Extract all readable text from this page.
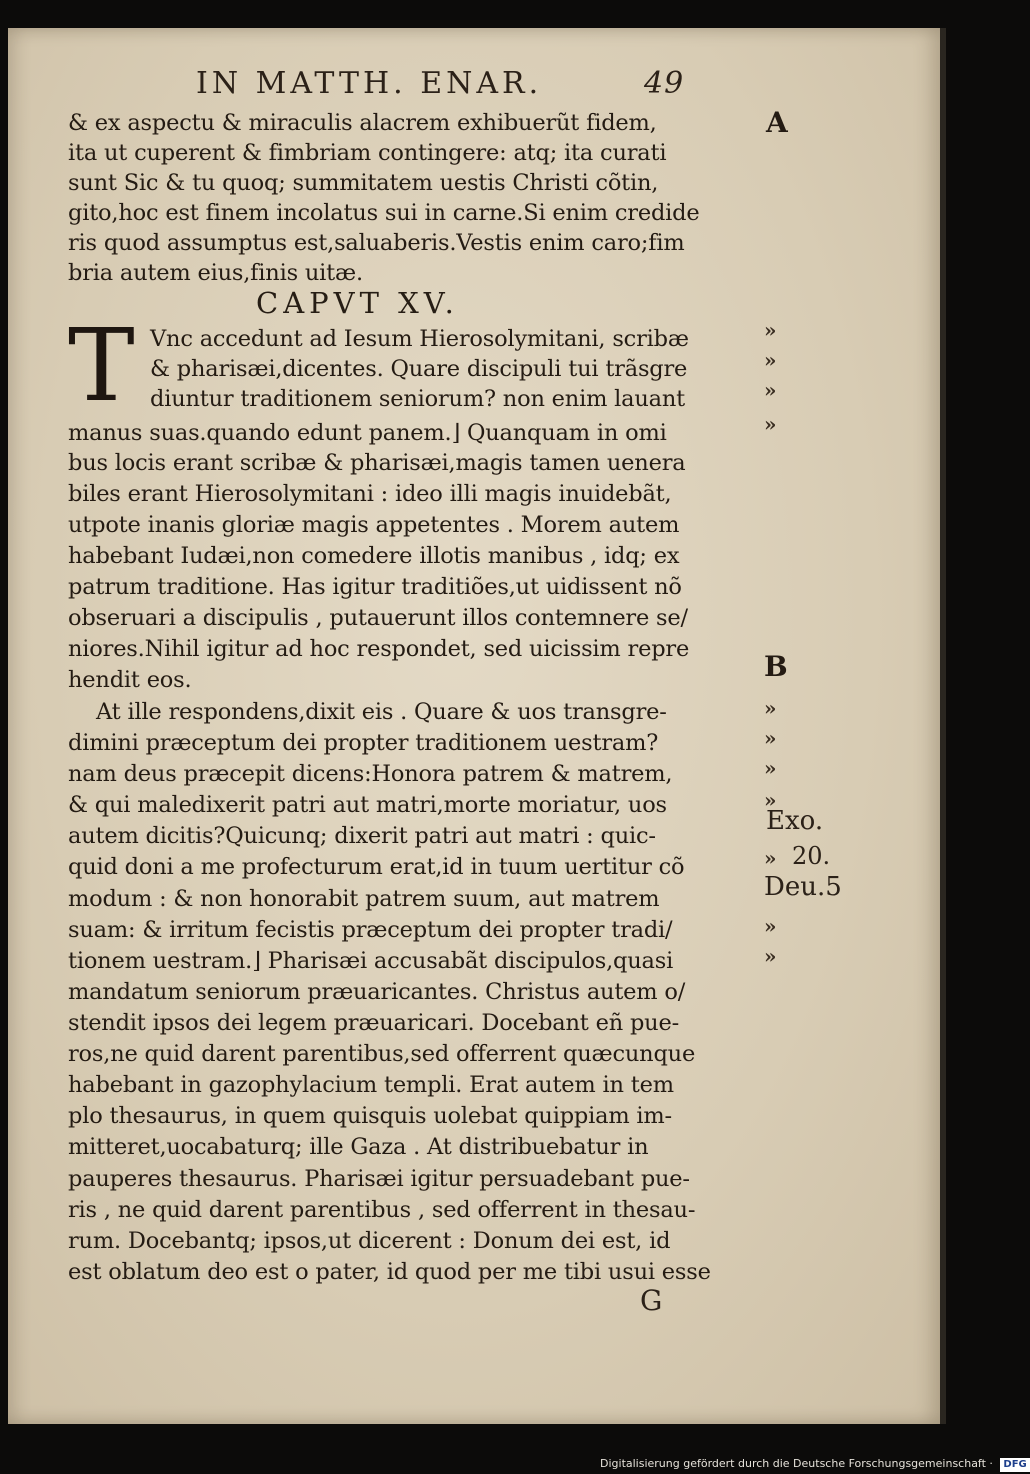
IN MATTH. ENAR.	49
CAPVT XV.
T
& ex aspectu & miraculis alacrem exhibuerũt fidem,
ita ut cuperent & fimbriam contingere: atq; ita curati
sunt Sic & tu quoq; summitatem uestis Christi cõtin,
gito,hoc est finem incolatus sui in carne.Si enim credide
ris quod assumptus est,saluaberis.Vestis enim caro;fim
bria autem eius,finis uitæ.
Vnc accedunt ad Iesum Hierosolymitani, scribæ
& pharisæi,dicentes. Quare discipuli tui trãsgre
diuntur traditionem seniorum? non enim lauant
manus suas.quando edunt panem.⌋ Quanquam in omi
bus locis erant scribæ & pharisæi,magis tamen uenera
biles erant Hierosolymitani : ideo illi magis inuidebãt,
utpote inanis gloriæ magis appetentes . Morem autem
habebant Iudæi,non comedere illotis manibus , idq; ex
patrum traditione. Has igitur traditiões,ut uidissent nõ
obseruari a discipulis , putauerunt illos contemnere se/
niores.Nihil igitur ad hoc respondet, sed uicissim repre
hendit eos.
At ille respondens,dixit eis . Quare & uos transgre-
dimini præceptum dei propter traditionem uestram?
nam deus præcepit dicens:Honora patrem & matrem,
& qui maledixerit patri aut matri,morte moriatur, uos
autem dicitis?Quicunq; dixerit patri aut matri : quic-
quid doni a me profecturum erat,id in tuum uertitur cõ
modum : & non honorabit patrem suum, aut matrem
suam: & irritum fecistis præceptum dei propter tradi/
tionem uestram.⌋ Pharisæi accusabãt discipulos,quasi
mandatum seniorum præuaricantes. Christus autem o/
stendit ipsos dei legem præuaricari. Docebant eñ pue-
ros,ne quid darent parentibus,sed offerrent quæcunque
habebant in gazophylacium templi. Erat autem in tem
plo thesaurus, in quem quisquis uolebat quippiam im-
mitteret,uocabaturq; ille Gaza . At distribuebatur in
pauperes thesaurus. Pharisæi igitur persuadebant pue-
ris , ne quid darent parentibus , sed offerrent in thesau-
rum. Docebantq; ipsos,ut dicerent : Donum dei est, id
est oblatum deo est o pater, id quod per me tibi usui esse
A
B
»
»
»
»
»
»
»
»
»
»
Exo.
» 20.
Deu.5
G
Digitalisierung gefördert durch die Deutsche Forschungsgemeinschaft · DFG
